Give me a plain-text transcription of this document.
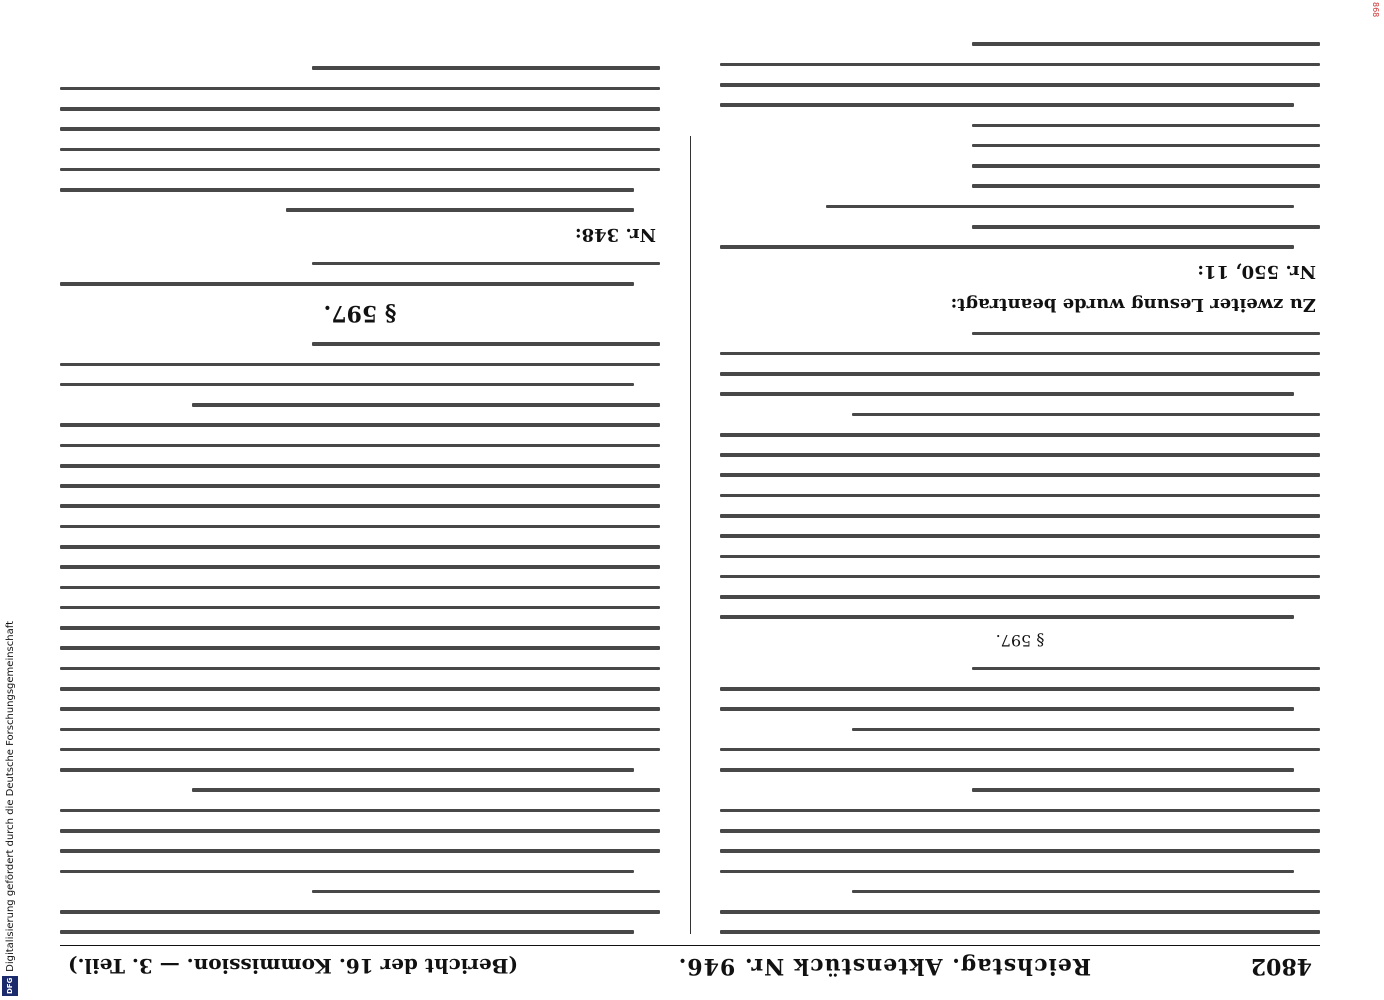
Digitalisierung gefördert durch die Deutsche Forschungsgemeinschaft
DFG
868
4802
Reichstag. Aktenstück Nr. 946.
(Bericht der 16. Kommission. — 3. Teil.)
§ 597.
Zu zweiter Lesung wurde beantragt:
Nr. 550, 11:
§ 597.
Nr. 348:
